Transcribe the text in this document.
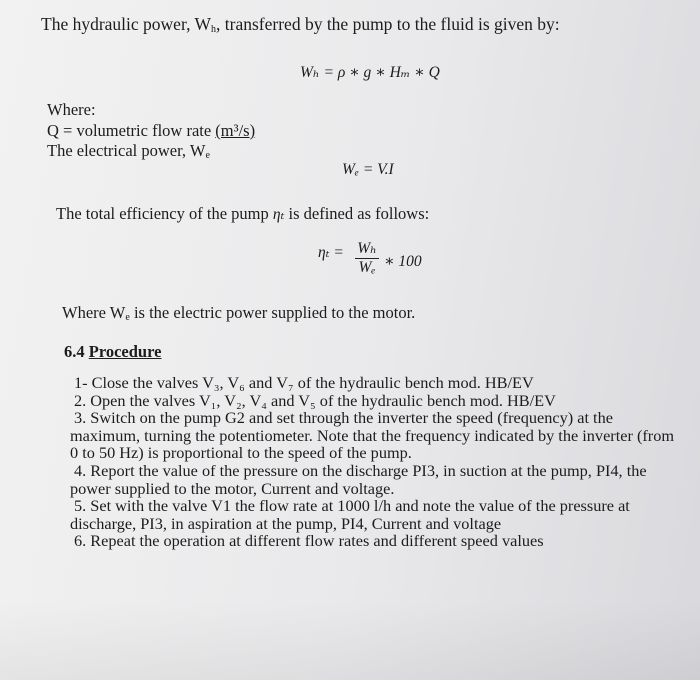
The hydraulic power, $W_h$, transferred by the pump to the fluid is given by:
Wₕ = ρ ∗ g ∗ Hₘ ∗ Q
Where:
Q = volumetric flow rate (m³/s)
The electrical power, $W_e$
Wₑ = V.I
The total efficiency of the pump ηₜ is defined as follows:
$\eta_t = \frac{\text{Wₕ}}{\text{Wₑ}}$ ∗ 100
Where $W_e$ is the electric power supplied to the motor.
6.4 Procedure
1- Close the valves V₃, V₆ and V₇ of the hydraulic bench mod. HB/EV
2. Open the valves V₁, V₂, V₄ and V₅ of the hydraulic bench mod. HB/EV
3. Switch on the pump G2 and set through the inverter the speed (frequency) at the
maximum, turning the potentiometer. Note that the frequency indicated by the inverter (from
0 to 50 Hz) is proportional to the speed of the pump.
4. Report the value of the pressure on the discharge PI3, in suction at the pump, PI4, the
power supplied to the motor, Current and voltage.
5. Set with the valve V1 the flow rate at 1000 l/h and note the value of the pressure at
discharge, PI3, in aspiration at the pump, PI4, Current and voltage
6. Repeat the operation at different flow rates and different speed values
